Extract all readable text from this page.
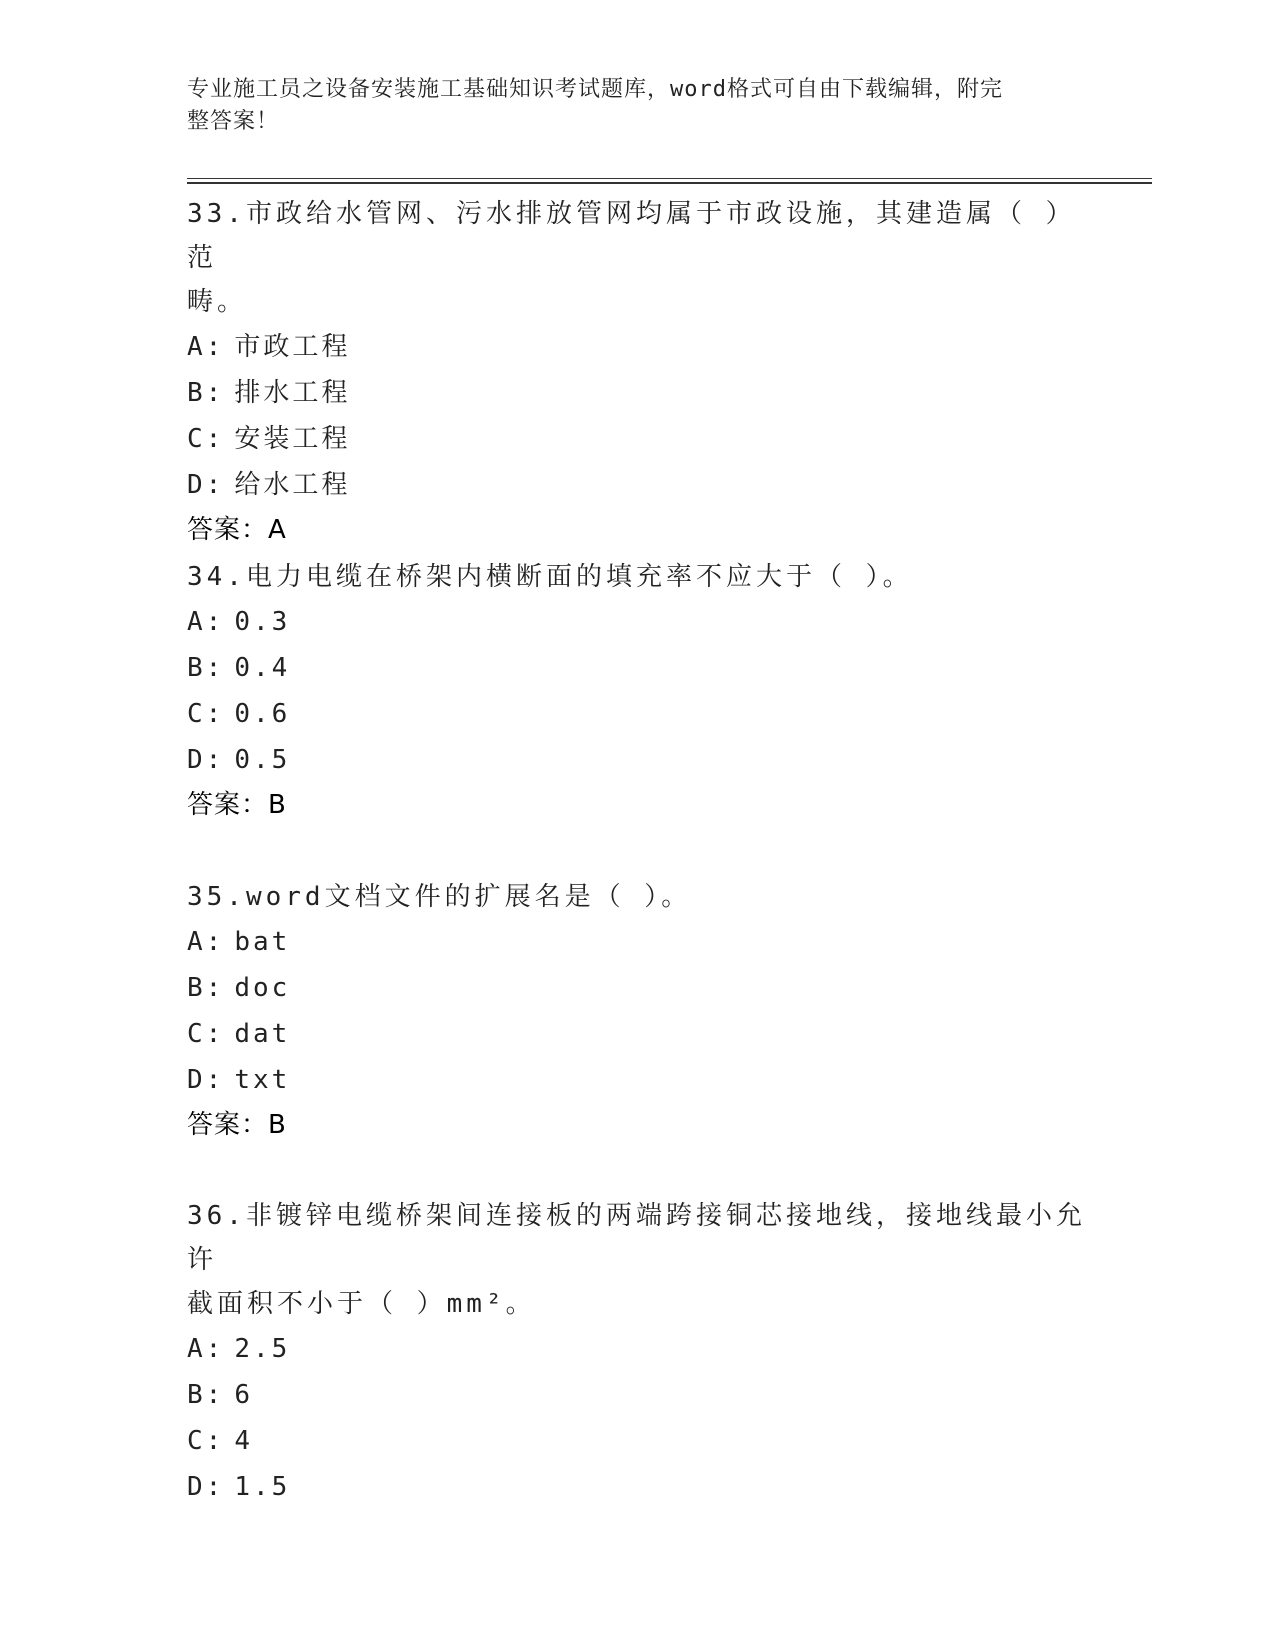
专业施工员之设备安装施工基础知识考试题库，word格式可自由下载编辑，附完
整答案！

33.市政给水管网、污水排放管网均属于市政设施，其建造属（ ）范

畴。

A: 市政工程

B: 排水工程

C: 安装工程

D: 给水工程

答案：A

34.电力电缆在桥架内横断面的填充率不应大于（ ）。

A: 0.3

B: 0.4

C: 0.6

D: 0.5

答案：B

35.word文档文件的扩展名是（ ）。

A: bat

B: doc

C: dat

D: txt

答案：B

36.非镀锌电缆桥架间连接板的两端跨接铜芯接地线，接地线最小允许

截面积不小于（ ）mm²。

A: 2.5

B: 6

C: 4

D: 1.5
